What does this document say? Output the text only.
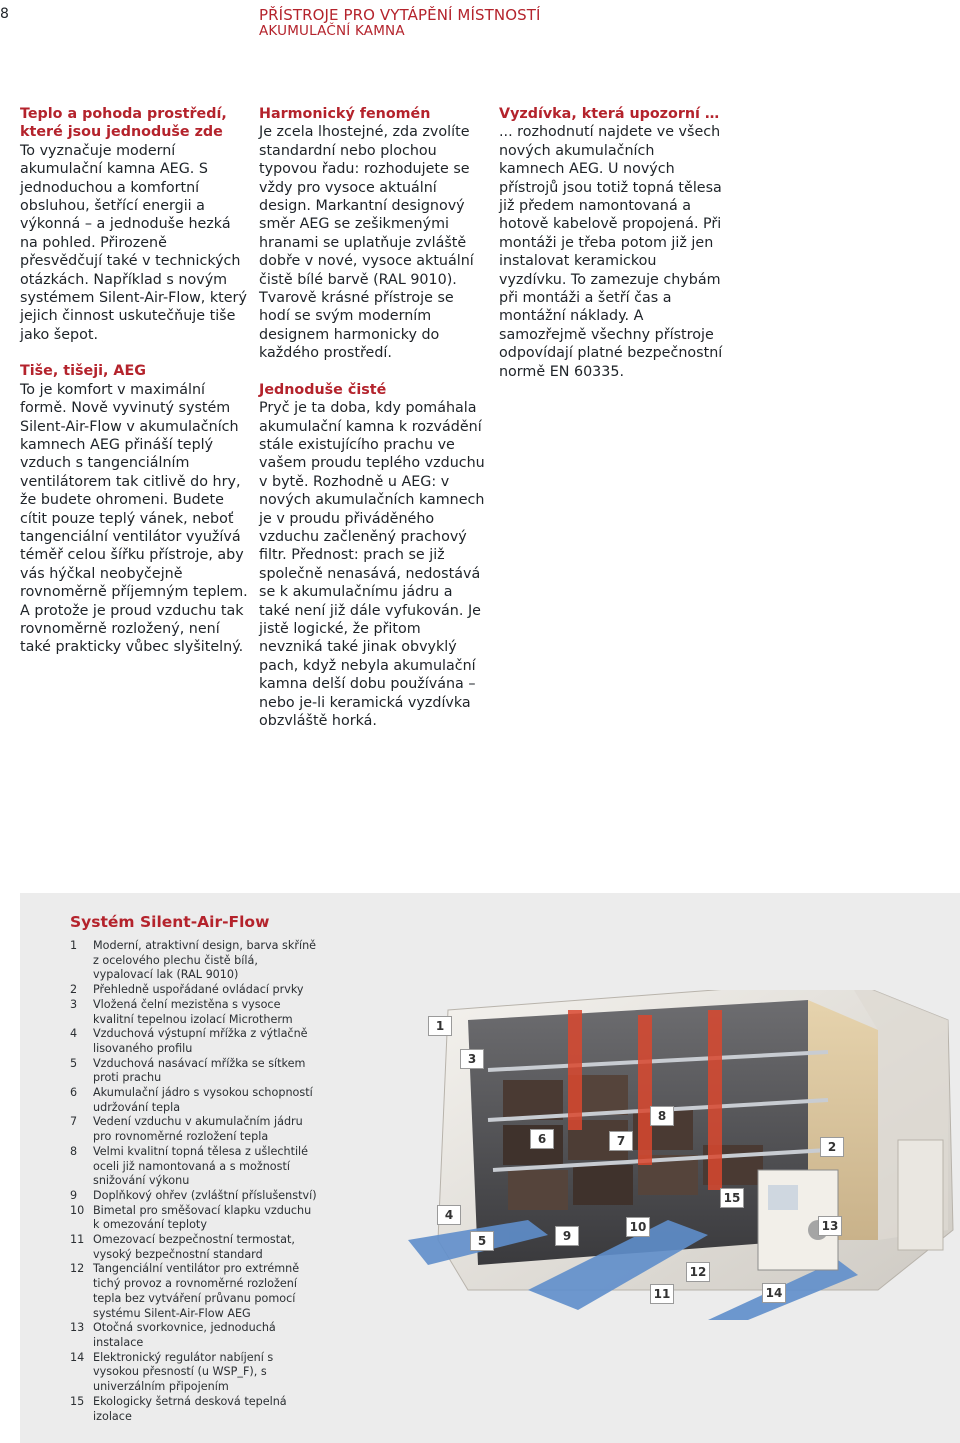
8	PŘÍSTROJE PRO VYTÁPĚNÍ MÍSTNOSTÍ
AKUMULAČNÍ KAMNA
Teplo a pohoda prostředí, které jsou jednoduše zde

To vyznačuje moderní akumulační kamna AEG. S jednoduchou a komfortní obsluhou, šetřící energii a výkonná – a jednoduše hezká na pohled. Přirozeně přesvědčují také v technických otázkách. Například s novým systémem Silent-Air-Flow, který jejich činnost uskutečňuje tiše jako šepot.

Tiše, tišeji, AEG

To je komfort v maximální formě. Nově vyvinutý systém Silent-Air-Flow v akumulačních kamnech AEG přináší teplý vzduch s tangenciálním ventilátorem tak citlivě do hry, že budete ohromeni. Budete cítit pouze teplý vánek, neboť tangenciální ventilátor využívá téměř celou šířku přístroje, aby vás hýčkal neobyčejně rovnoměrně příjemným teplem. A protože je proud vzduchu tak rovnoměrně rozložený, není také prakticky vůbec slyšitelný.

Harmonický fenomén

Je zcela lhostejné, zda zvolíte standardní nebo plochou typovou řadu: rozhodujete se vždy pro vysoce aktuální design. Markantní designový směr AEG se zešikmenými hranami se uplatňuje zvláště dobře v nové, vysoce aktuální čistě bílé barvě (RAL 9010). Tvarově krásné přístroje se hodí se svým moderním designem harmonicky do každého prostředí.

Jednoduše čisté

Pryč je ta doba, kdy pomáhala akumulační kamna k rozvádění stále existujícího prachu ve vašem proudu teplého vzduchu v bytě. Rozhodně u AEG: v nových akumulačních kamnech je v proudu přiváděného vzduchu začleněný prachový filtr. Přednost: prach se již společně nenasává, nedostává se k akumulačnímu jádru a také není již dále vyfukován. Je jistě logické, že přitom nevzniká také jinak obvyklý pach, když nebyla akumulační kamna delší dobu používána – nebo je-li keramická vyzdívka obzvláště horká.

Vyzdívka, která upozorní …

... rozhodnutí najdete ve všech nových akumulačních kamnech AEG. U nových přístrojů jsou totiž topná tělesa již předem namontovaná a hotově kabelově propojená. Při montáži je třeba potom již jen instalovat keramickou vyzdívku. To zamezuje chybám při montáži a šetří čas a montážní náklady. A samozřejmě všechny přístroje odpovídají platné bezpečnostní normě EN 60335.

Systém Silent-Air-Flow
1	Moderní, atraktivní design, barva skříně z ocelového plechu čistě bílá, vypalovací lak (RAL 9010)
2	Přehledně uspořádané ovládací prvky
3	Vložená čelní mezistěna s vysoce kvalitní tepelnou izolací Microtherm
4	Vzduchová výstupní mřížka z výtlačně lisovaného profilu
5	Vzduchová nasávací mřížka se sítkem proti prachu
6	Akumulační jádro s vysokou schopností udržování tepla
7	Vedení vzduchu v akumulačním jádru pro rovnoměrné rozložení tepla
8	Velmi kvalitní topná tělesa z ušlechtilé oceli již namontovaná a s možností snižování výkonu
9	Doplňkový ohřev (zvláštní příslušenství)
10 Bimetal pro směšovací klapku vzduchu k omezování teploty
11 Omezovací bezpečnostní termostat, vysoký bezpečnostní standard
12 Tangenciální ventilátor pro extrémně tichý provoz a rovnoměrné rozložení tepla bez vytváření průvanu pomocí systému Silent-Air-Flow AEG
13 Otočná svorkovnice, jednoduchá instalace
14 Elektronický regulátor nabíjení s vysokou přesností (u WSP_F), s univerzálním připojením
15 Ekologicky šetrná desková tepelná izolace
1
2
3
4
5
6	7
8
9
10
11
12
13
14
15
